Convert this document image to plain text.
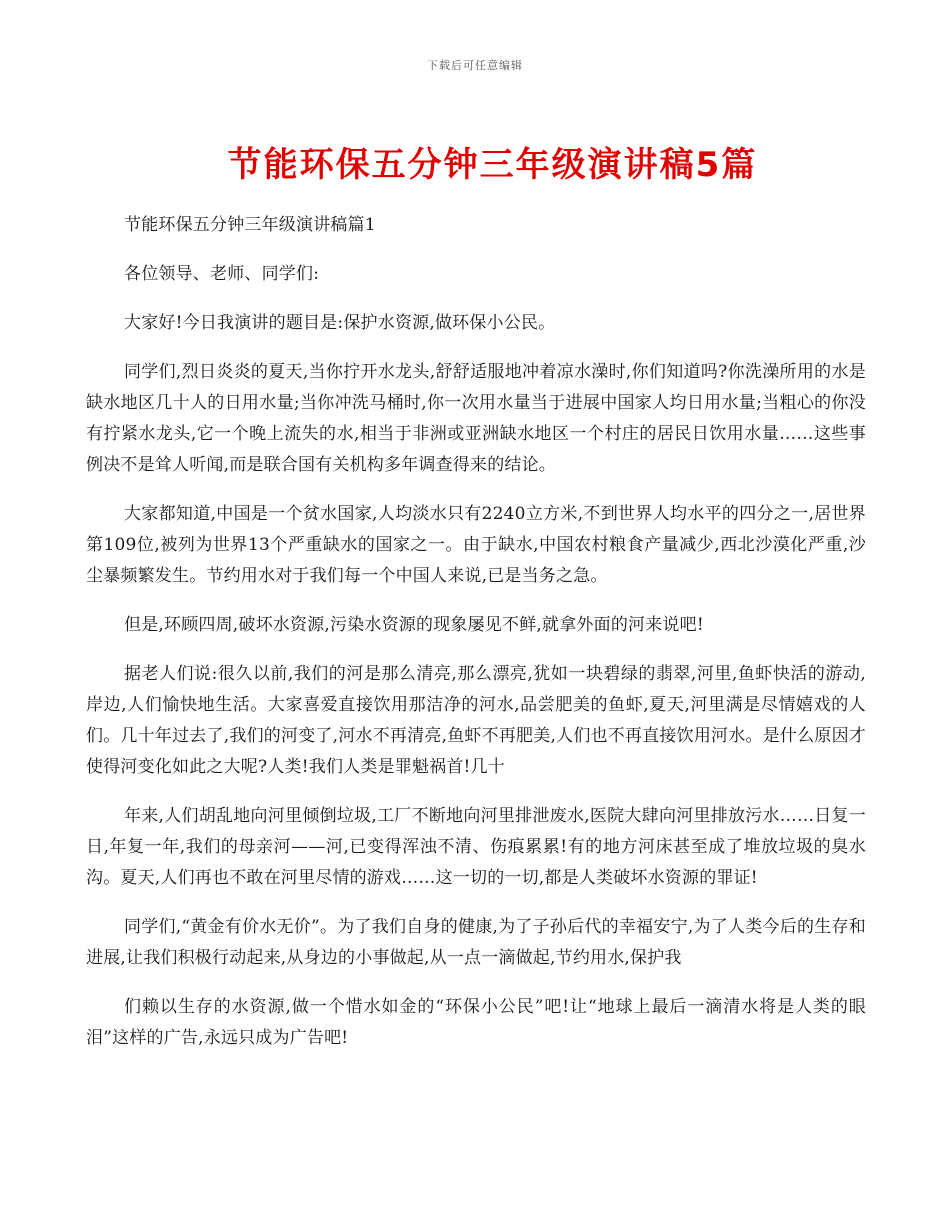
下载后可任意编辑
节能环保五分钟三年级演讲稿5篇

节能环保五分钟三年级演讲稿篇1

各位领导、老师、同学们:

大家好!今日我演讲的题目是:保护水资源,做环保小公民。

同学们,烈日炎炎的夏天,当你拧开水龙头,舒舒适服地冲着凉水澡时,你们知道吗?你洗澡所用的水是缺水地区几十人的日用水量;当你冲洗马桶时,你一次用水量当于进展中国家人均日用水量;当粗心的你没有拧紧水龙头,它一个晚上流失的水,相当于非洲或亚洲缺水地区一个村庄的居民日饮用水量……这些事例决不是耸人听闻,而是联合国有关机构多年调查得来的结论。

大家都知道,中国是一个贫水国家,人均淡水只有2240立方米,不到世界人均水平的四分之一,居世界第109位,被列为世界13个严重缺水的国家之一。由于缺水,中国农村粮食产量减少,西北沙漠化严重,沙尘暴频繁发生。节约用水对于我们每一个中国人来说,已是当务之急。

但是,环顾四周,破坏水资源,污染水资源的现象屡见不鲜,就拿外面的河来说吧!

据老人们说:很久以前,我们的河是那么清亮,那么漂亮,犹如一块碧绿的翡翠,河里,鱼虾快活的游动,岸边,人们愉快地生活。大家喜爱直接饮用那洁净的河水,品尝肥美的鱼虾,夏天,河里满是尽情嬉戏的人们。几十年过去了,我们的河变了,河水不再清亮,鱼虾不再肥美,人们也不再直接饮用河水。是什么原因才使得河变化如此之大呢?人类!我们人类是罪魁祸首!几十

年来,人们胡乱地向河里倾倒垃圾,工厂不断地向河里排泄废水,医院大肆向河里排放污水……日复一日,年复一年,我们的母亲河——河,已变得浑浊不清、伤痕累累!有的地方河床甚至成了堆放垃圾的臭水沟。夏天,人们再也不敢在河里尽情的游戏……这一切的一切,都是人类破坏水资源的罪证!

同学们,“黄金有价水无价”。为了我们自身的健康,为了子孙后代的幸福安宁,为了人类今后的生存和进展,让我们积极行动起来,从身边的小事做起,从一点一滴做起,节约用水,保护我

们赖以生存的水资源,做一个惜水如金的“环保小公民”吧!让“地球上最后一滴清水将是人类的眼泪”这样的广告,永远只成为广告吧!
